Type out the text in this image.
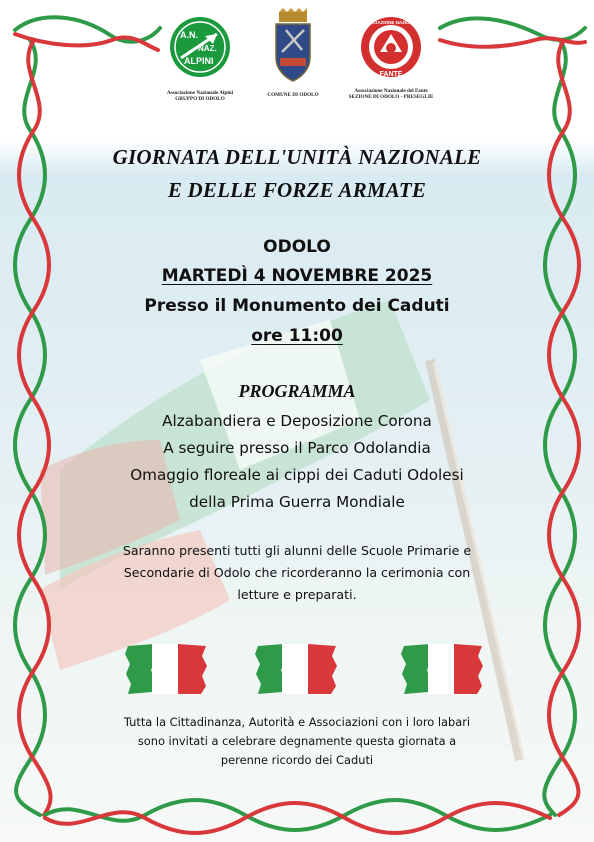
A.N.
NAZ.
ALPINI
Associazione Nazionale Alpini
GRUPPO DI ODOLO
COMUNE DI ODOLO
ASSOCIAZIONE NAZIONALE
FANTE
Associazione Nazionale del Fante
SEZIONE DI ODOLO - PRESEGLIE
GIORNATA DELL'UNITÀ NAZIONALE
E DELLE FORZE ARMATE
ODOLO
MARTEDÌ 4 NOVEMBRE 2025
Presso il Monumento dei Caduti
ore 11:00
PROGRAMMA
Alzabandiera e Deposizione Corona
A seguire presso il Parco Odolandia
Omaggio floreale ai cippi dei Caduti Odolesi
della Prima Guerra Mondiale
Saranno presenti tutti gli alunni delle Scuole Primarie e
Secondarie di Odolo che ricorderanno la cerimonia con
letture e preparati.
Tutta la Cittadinanza, Autorità e Associazioni con i loro labari
sono invitati a celebrare degnamente questa giornata a
perenne ricordo dei Caduti
